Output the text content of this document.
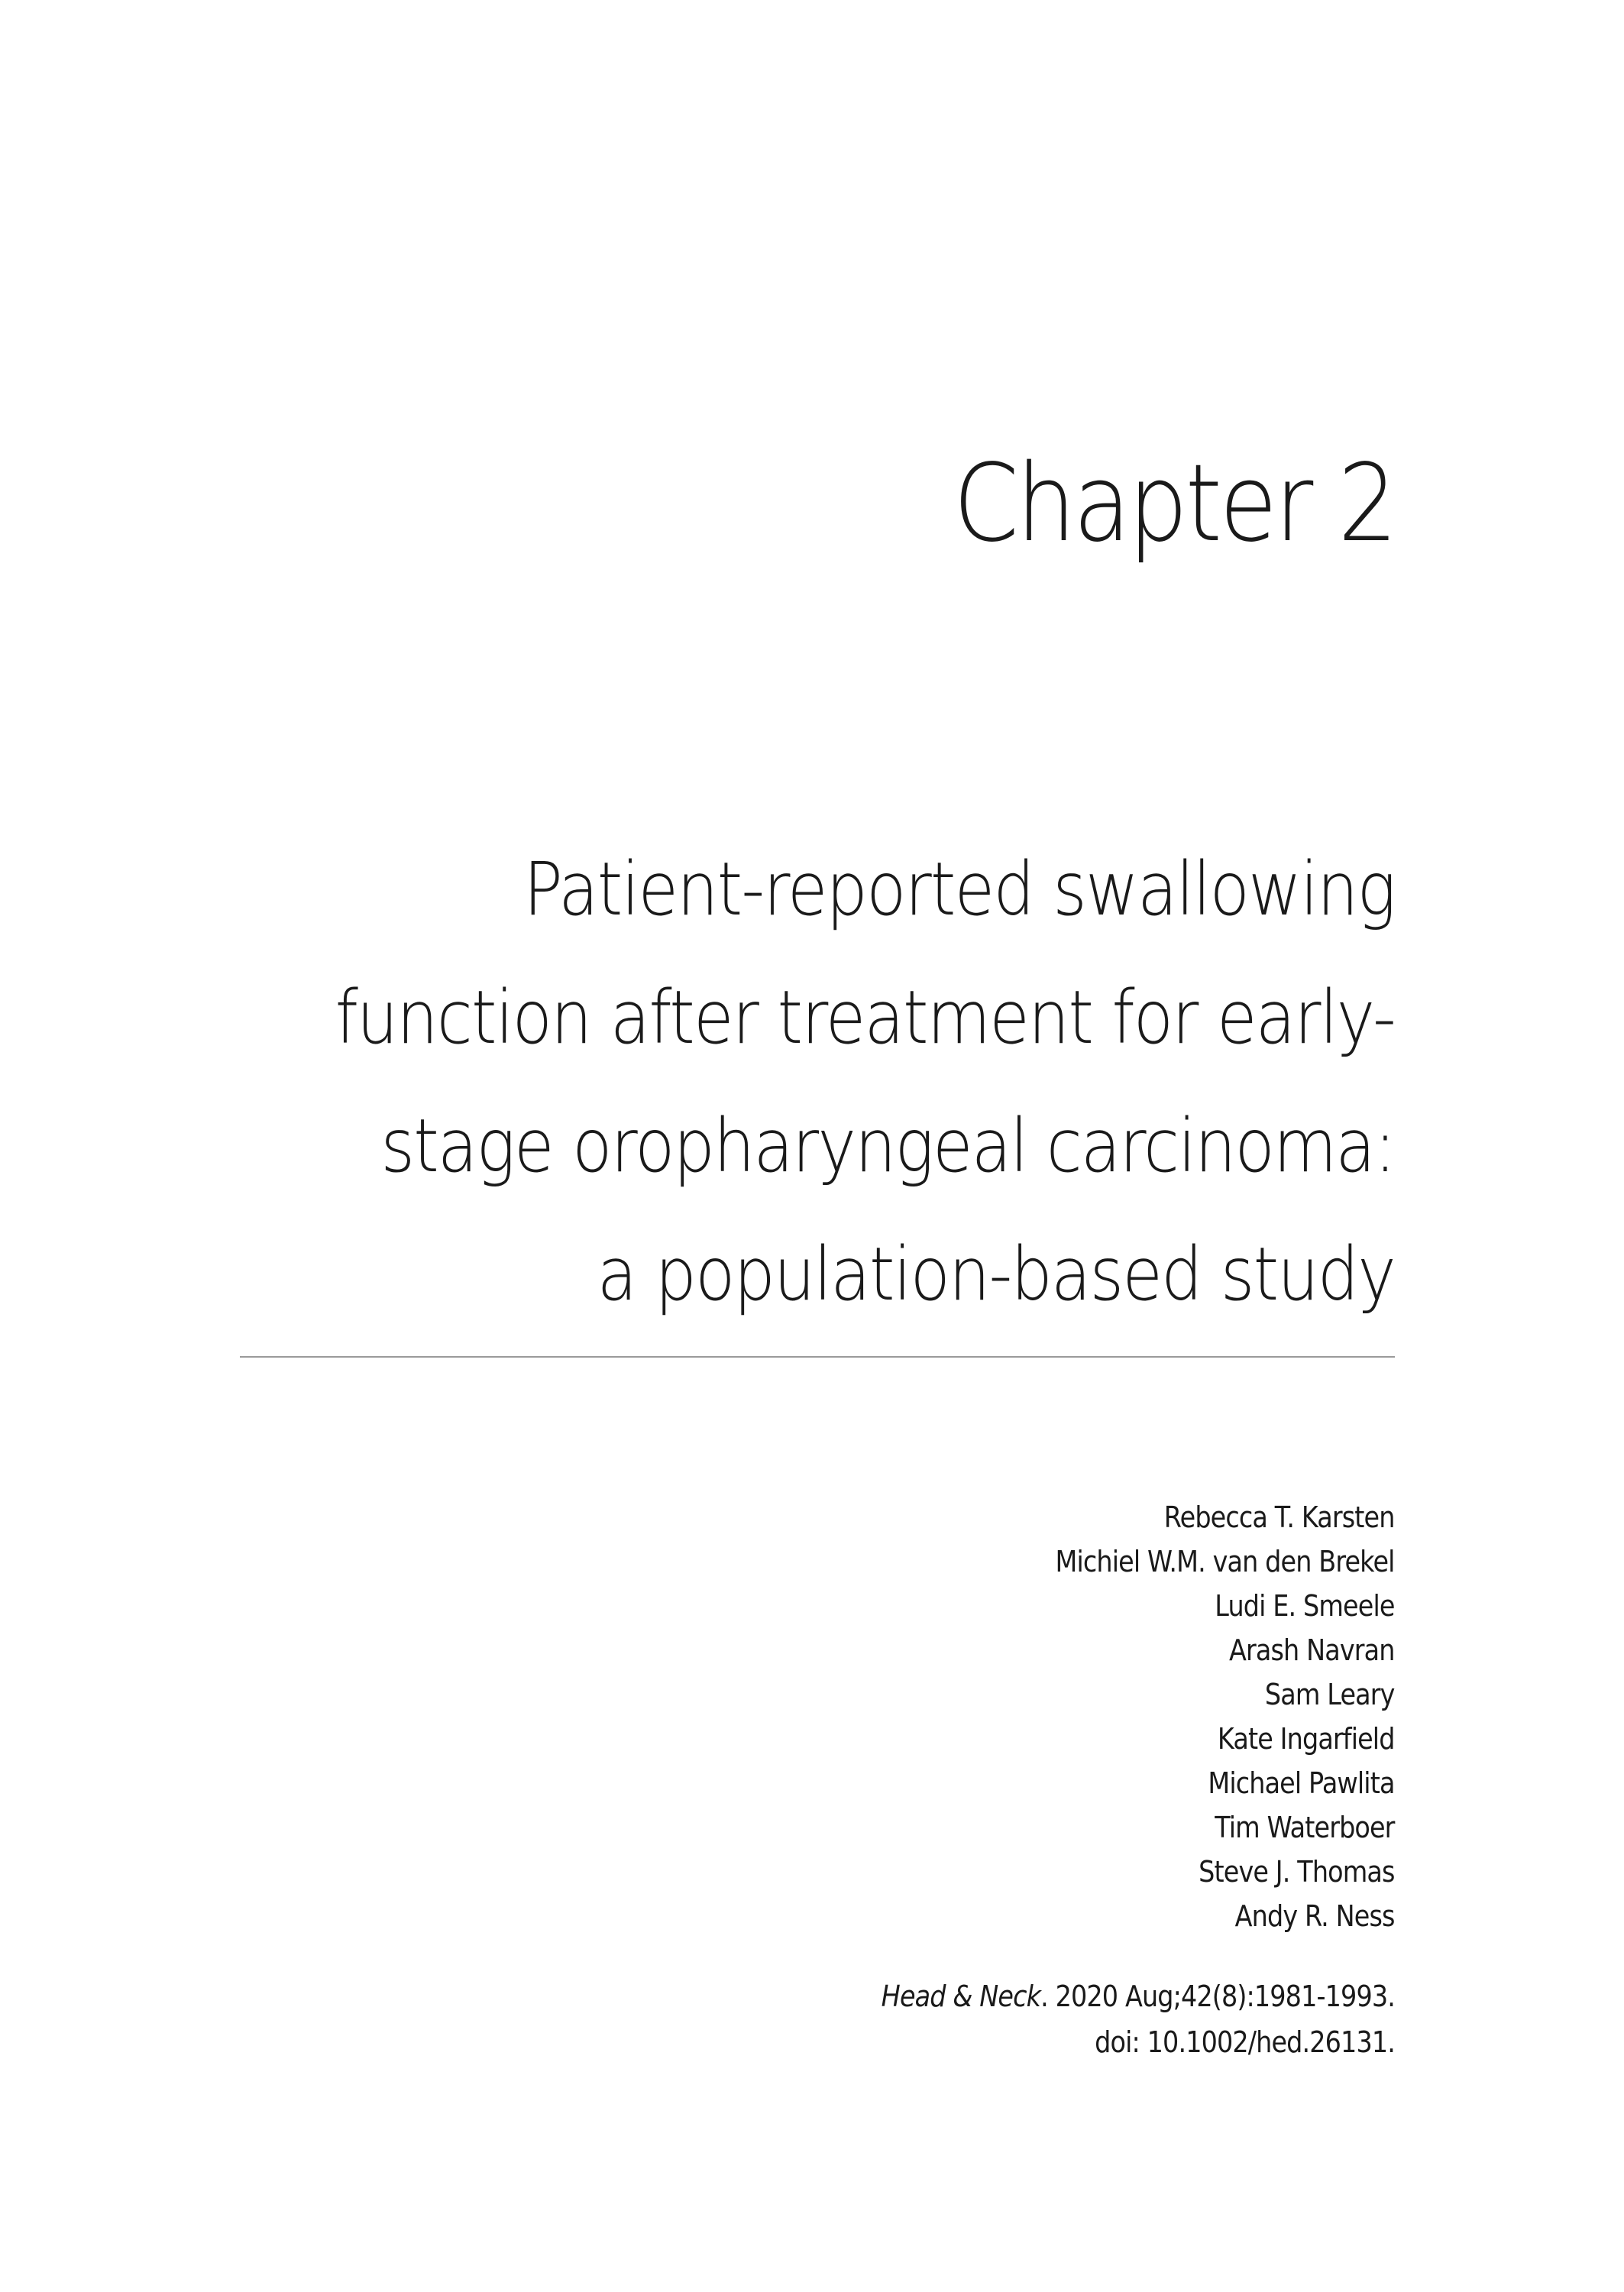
Chapter 2
Patient-reported swallowing
function after treatment for early-
stage oropharyngeal carcinoma:
a population-based study
Rebecca T. Karsten
Michiel W.M. van den Brekel
Ludi E. Smeele
Arash Navran
Sam Leary
Kate Ingarfield
Michael Pawlita
Tim Waterboer
Steve J. Thomas
Andy R. Ness
Head & Neck. 2020 Aug;42(8):1981-1993.
doi: 10.1002/hed.26131.
